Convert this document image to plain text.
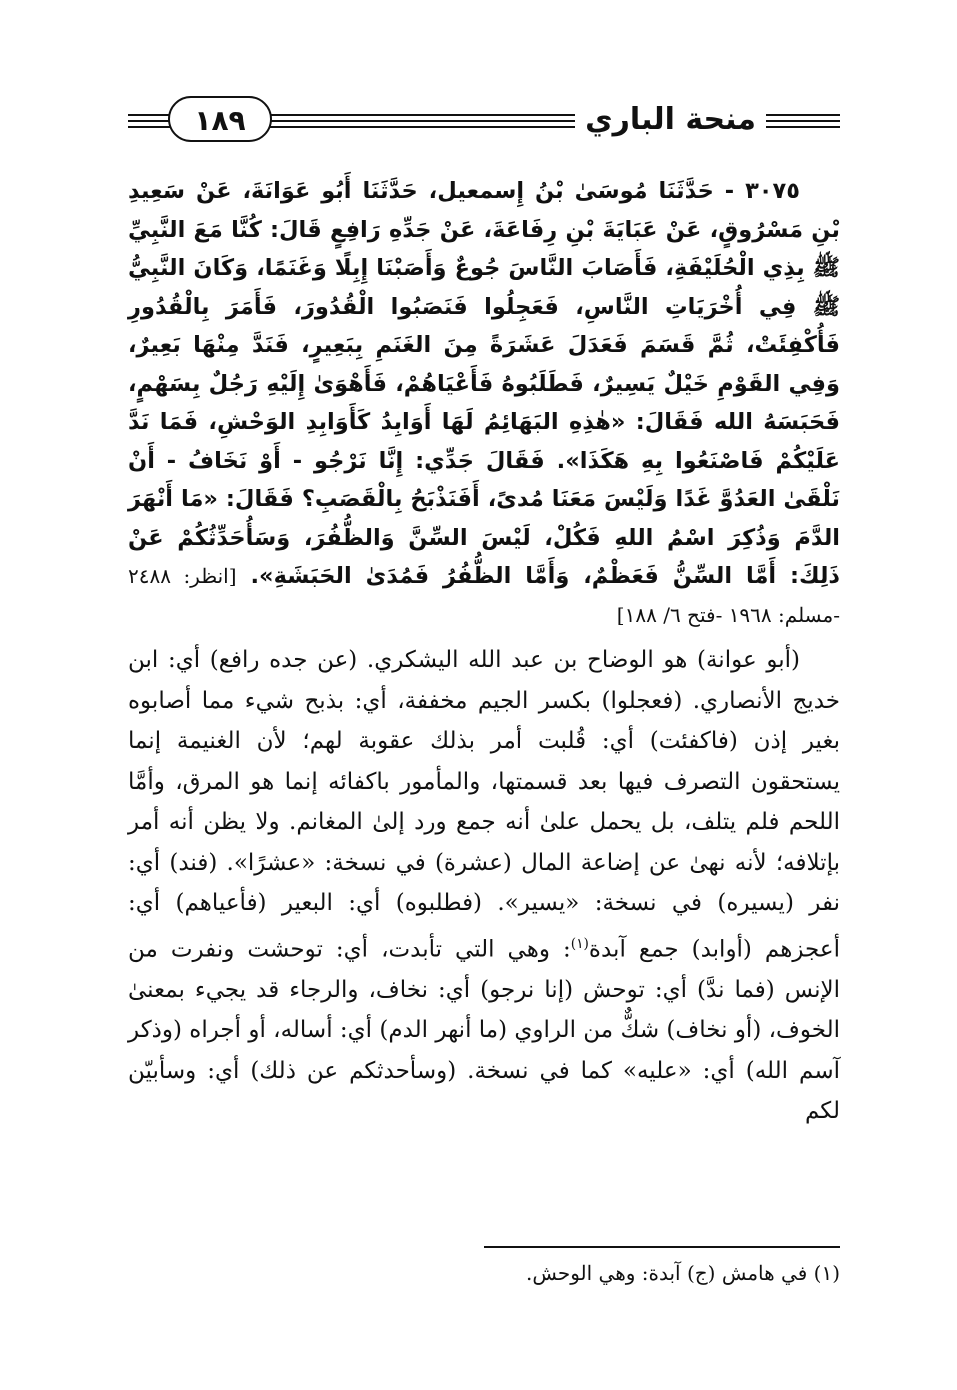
١٨٩	منحة الباري

٣٠٧٥ - حَدَّثَنَا مُوسَىٰ بْنُ إِسمعيل، حَدَّثَنَا أَبُو عَوَانَةَ، عَنْ سَعِيدِ بْنِ مَسْرُوقٍ، عَنْ عَبَايَةَ بْنِ رِفَاعَةَ، عَنْ جَدِّهِ رَافِعٍ قَالَ: كُنَّا مَعَ النَّبِيِّ ﷺ بِذِي الْحُلَيْفَةِ، فَأَصَابَ النَّاسَ جُوعٌ وَأَصَبْنَا إِبِلًا وَغَنَمًا، وَكَانَ النَّبِيُّ ﷺ فِي أُخْرَيَاتِ النَّاسِ، فَعَجِلُوا فَنَصَبُوا الْقُدُورَ، فَأَمَرَ بِالْقُدُورِ فَأُكْفِئَتْ، ثُمَّ قَسَمَ فَعَدَلَ عَشَرَةً مِنَ الغَنَمِ بِبَعِيرٍ، فَنَدَّ مِنْهَا بَعِيرٌ، وَفِي القَوْمِ خَيْلٌ يَسِيرٌ، فَطَلَبُوهُ فَأَعْيَاهُمْ، فَأَهْوَىٰ إِلَيْهِ رَجُلٌ بِسَهْمٍ، فَحَبَسَهُ الله فَقَالَ: «هٰذِهِ البَهَائِمُ لَهَا أَوَابِدُ كَأَوَابِدِ الوَحْشِ، فَمَا نَدَّ عَلَيْكُمْ فَاصْنَعُوا بِهِ هَكَذَا». فَقَالَ جَدِّي: إِنَّا نَرْجُو - أَوْ نَخَافُ - أَنْ نَلْقَىٰ العَدُوَّ غَدًا وَلَيْسَ مَعَنَا مُدىً، أَفَنَذْبَحُ بِالْقَصَبِ؟ فَقَالَ: «مَا أَنْهَرَ الدَّمَ وَذُكِرَ اسْمُ اللهِ فَكُلْ، لَيْسَ السِّنَّ وَالظُّفُرَ، وَسَأُحَدِّثُكُمْ عَنْ ذَلِكَ: أَمَّا السِّنُّ فَعَظْمٌ، وَأَمَّا الظُّفُرُ فَمُدَىٰ الحَبَشَةِ». [انظر: ٢٤٨٨ -مسلم: ١٩٦٨ -فتح ٦/ ١٨٨]

(أبو عوانة) هو الوضاح بن عبد الله اليشكري. (عن جده رافع) أي: ابن خديج الأنصاري. (فعجلوا) بكسر الجيم مخففة، أي: بذبح شيء مما أصابوه بغير إذن (فاكفئت) أي: قُلبت أمر بذلك عقوبة لهم؛ لأن الغنيمة إنما يستحقون التصرف فيها بعد قسمتها، والمأمور باكفائه إنما هو المرق، وأمَّا اللحم فلم يتلف، بل يحمل علىٰ أنه جمع ورد إلىٰ المغانم. ولا يظن أنه أمر بإتلافه؛ لأنه نهىٰ عن إضاعة المال (عشرة) في نسخة: «عشرًا». (فند) أي: نفر (يسيره) في نسخة: «يسير». (فطلبوه) أي: البعير (فأعياهم) أي: أعجزهم (أوابد) جمع آبدة$^{(١)}$: وهي التي تأبدت، أي: توحشت ونفرت من الإنس (فما ندَّ) أي: توحش (إنا نرجو) أي: نخاف، والرجاء قد يجيء بمعنىٰ الخوف، (أو نخاف) شكٌّ من الراوي (ما أنهر الدم) أي: أساله، أو أجراه (وذكر آسم الله) أي: «عليه» كما في نسخة. (وسأحدثكم عن ذلك) أي: وسأبيّن لكم

(١) في هامش (ج) آبدة: وهي الوحش.
